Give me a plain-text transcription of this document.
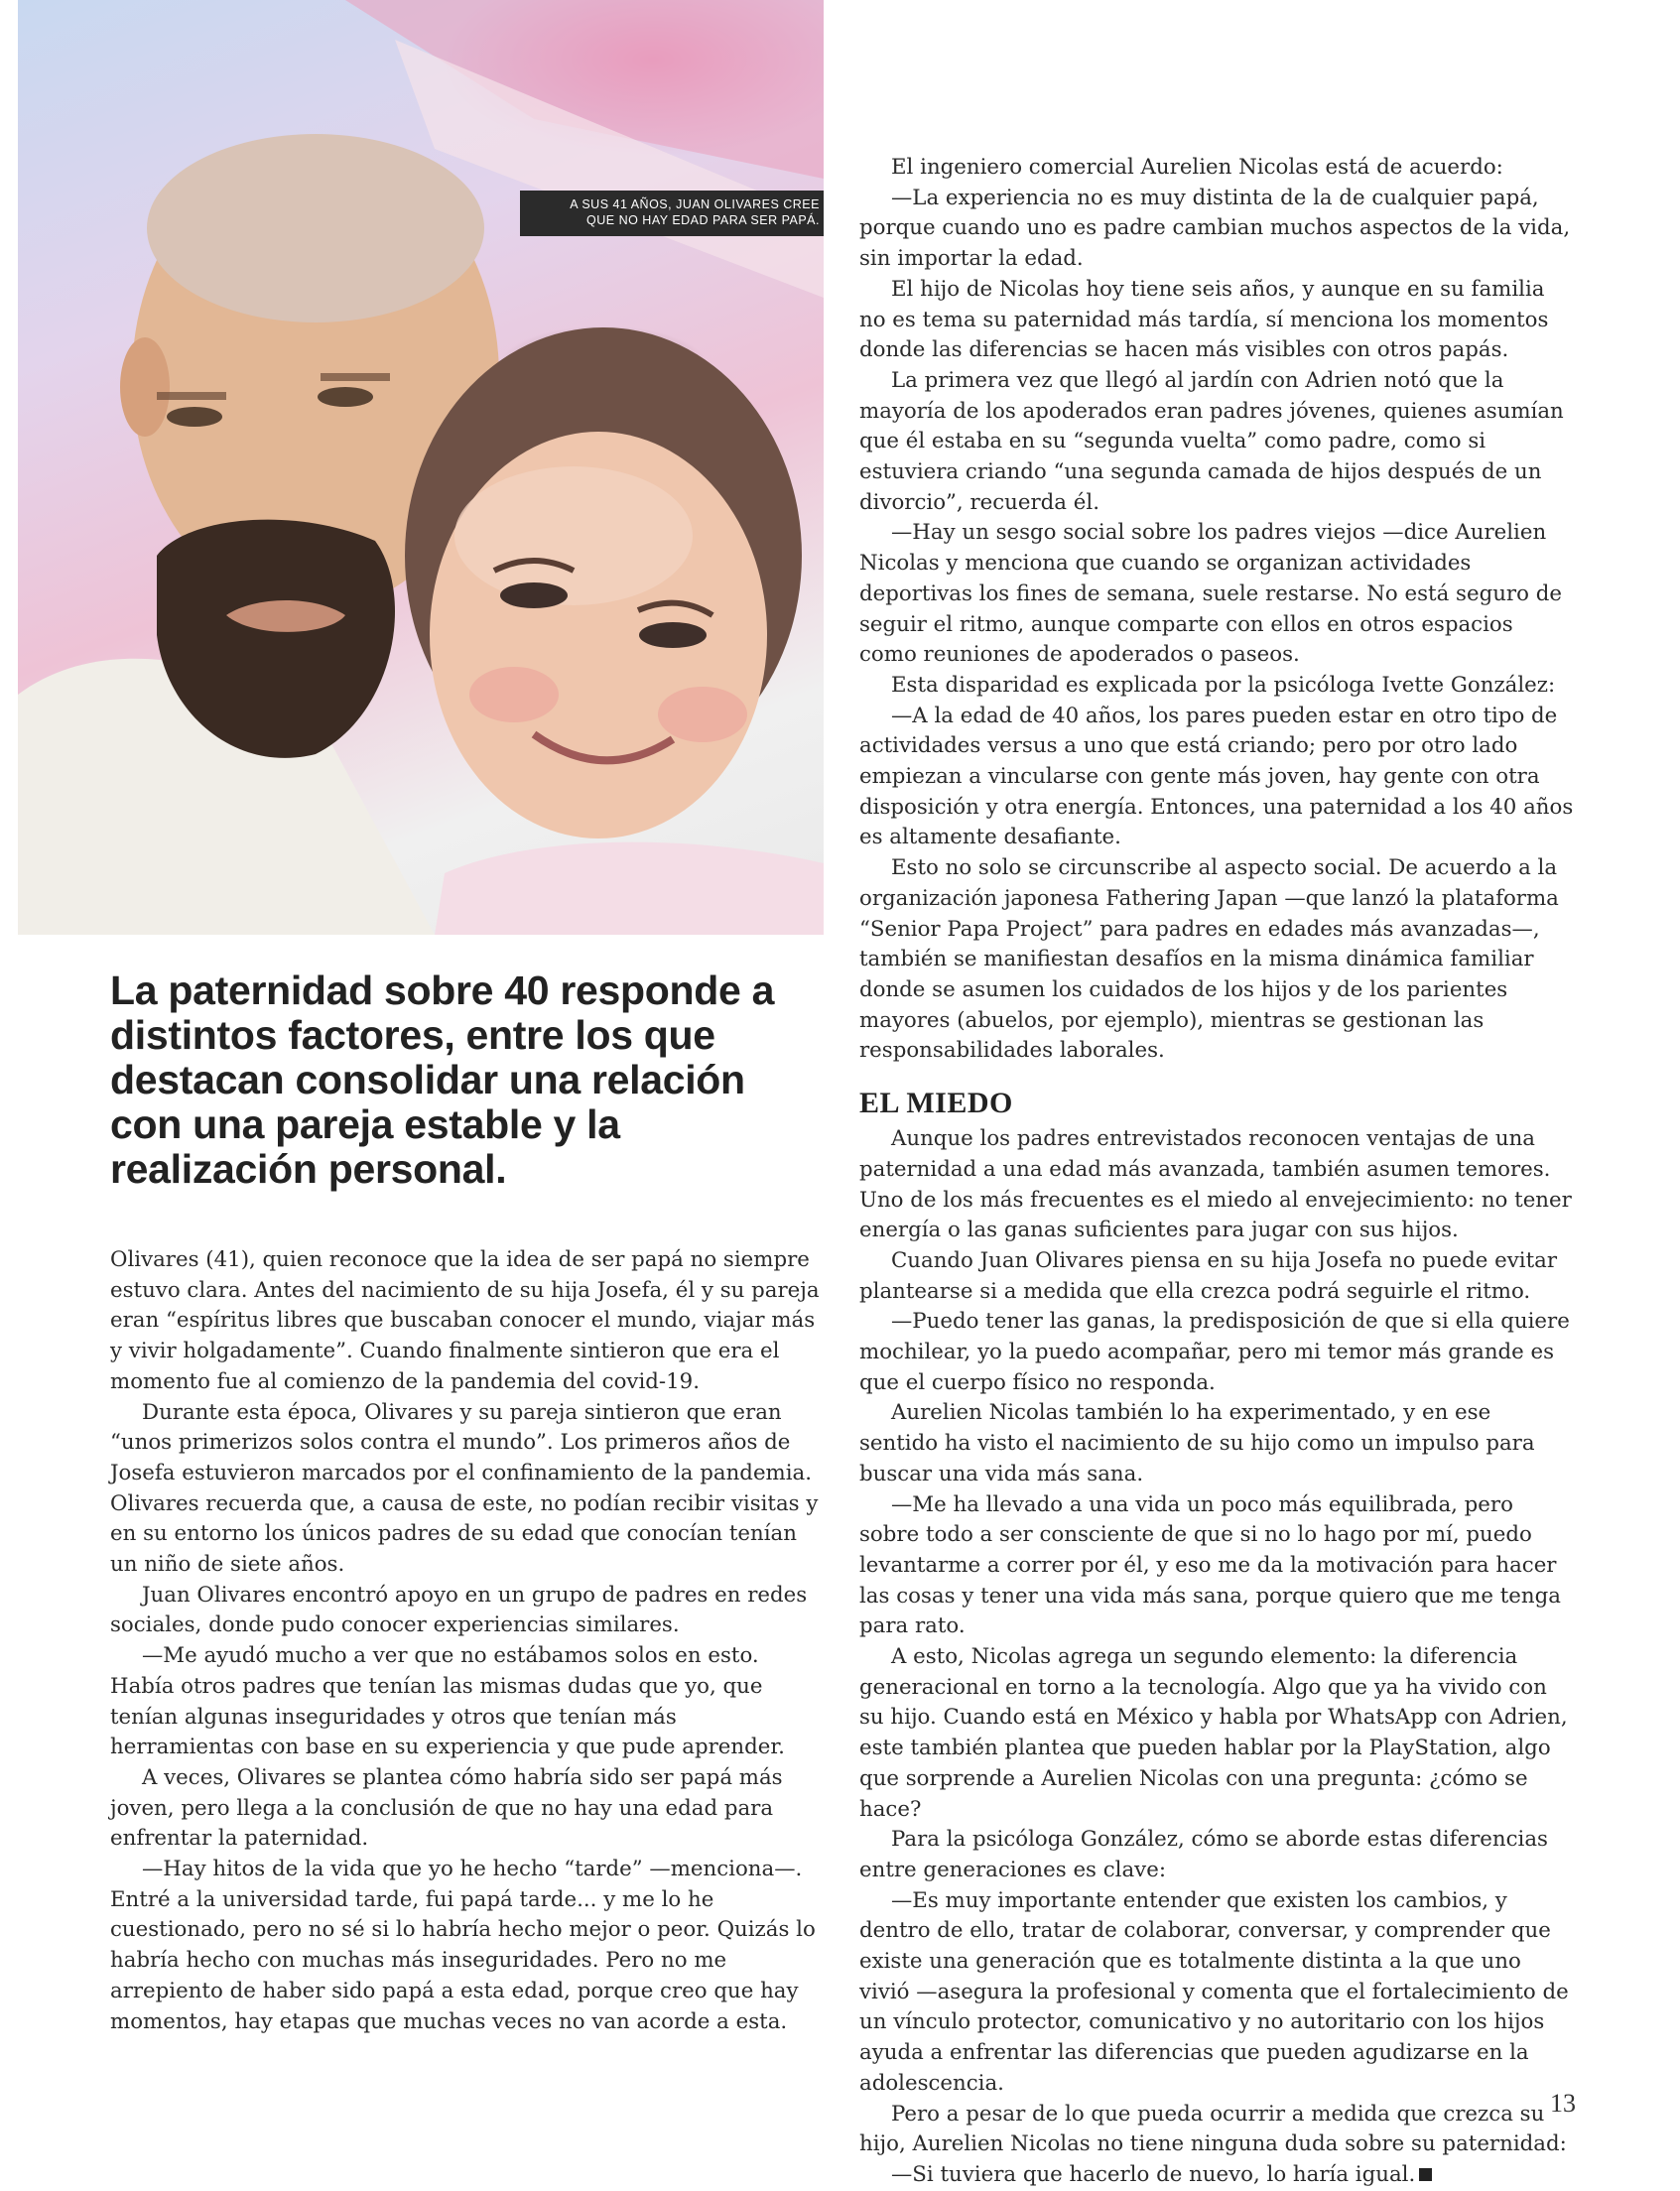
A SUS 41 AÑOS, JUAN OLIVARES CREE
QUE NO HAY EDAD PARA SER PAPÁ.
La paternidad sobre 40 responde a distintos factores, entre los que destacan consolidar una relación con una pareja estable y la realización personal.

Olivares (41), quien reconoce que la idea de ser papá no siempre estuvo clara. Antes del nacimiento de su hija Josefa, él y su pareja eran “espíritus libres que buscaban conocer el mundo, viajar más y vivir holgadamente”. Cuando finalmente sintieron que era el momento fue al comienzo de la pandemia del covid-19.

Durante esta época, Olivares y su pareja sintieron que eran “unos primerizos solos contra el mundo”. Los primeros años de Josefa estuvieron marcados por el confinamiento de la pandemia. Olivares recuerda que, a causa de este, no podían recibir visitas y en su entorno los únicos padres de su edad que conocían tenían un niño de siete años.

Juan Olivares encontró apoyo en un grupo de padres en redes sociales, donde pudo conocer experiencias similares.

—Me ayudó mucho a ver que no estábamos solos en esto. Había otros padres que tenían las mismas dudas que yo, que tenían algunas inseguridades y otros que tenían más herramientas con base en su experiencia y que pude aprender.

A veces, Olivares se plantea cómo habría sido ser papá más joven, pero llega a la conclusión de que no hay una edad para enfrentar la paternidad.

—Hay hitos de la vida que yo he hecho “tarde” —menciona—. Entré a la universidad tarde, fui papá tarde... y me lo he cuestionado, pero no sé si lo habría hecho mejor o peor. Quizás lo habría hecho con muchas más inseguridades. Pero no me arrepiento de haber sido papá a esta edad, porque creo que hay momentos, hay etapas que muchas veces no van acorde a esta.

El ingeniero comercial Aurelien Nicolas está de acuerdo:

—La experiencia no es muy distinta de la de cualquier papá, porque cuando uno es padre cambian muchos aspectos de la vida, sin importar la edad.

El hijo de Nicolas hoy tiene seis años, y aunque en su familia no es tema su paternidad más tardía, sí menciona los momentos donde las diferencias se hacen más visibles con otros papás.

La primera vez que llegó al jardín con Adrien notó que la mayoría de los apoderados eran padres jóvenes, quienes asumían que él estaba en su “segunda vuelta” como padre, como si estuviera criando “una segunda camada de hijos después de un divorcio”, recuerda él.

—Hay un sesgo social sobre los padres viejos —dice Aurelien Nicolas y menciona que cuando se organizan actividades deportivas los fines de semana, suele restarse. No está seguro de seguir el ritmo, aunque comparte con ellos en otros espacios como reuniones de apoderados o paseos.

Esta disparidad es explicada por la psicóloga Ivette González:

—A la edad de 40 años, los pares pueden estar en otro tipo de actividades versus a uno que está criando; pero por otro lado empiezan a vincularse con gente más joven, hay gente con otra disposición y otra energía. Entonces, una paternidad a los 40 años es altamente desafiante.

Esto no solo se circunscribe al aspecto social. De acuerdo a la organización japonesa Fathering Japan —que lanzó la plataforma “Senior Papa Project” para padres en edades más avanzadas—, también se manifiestan desafíos en la misma dinámica familiar donde se asumen los cuidados de los hijos y de los parientes mayores (abuelos, por ejemplo), mientras se gestionan las responsabilidades laborales.

EL MIEDO

Aunque los padres entrevistados reconocen ventajas de una paternidad a una edad más avanzada, también asumen temores. Uno de los más frecuentes es el miedo al envejecimiento: no tener energía o las ganas suficientes para jugar con sus hijos.

Cuando Juan Olivares piensa en su hija Josefa no puede evitar plantearse si a medida que ella crezca podrá seguirle el ritmo.

—Puedo tener las ganas, la predisposición de que si ella quiere mochilear, yo la puedo acompañar, pero mi temor más grande es que el cuerpo físico no responda.

Aurelien Nicolas también lo ha experimentado, y en ese sentido ha visto el nacimiento de su hijo como un impulso para buscar una vida más sana.

—Me ha llevado a una vida un poco más equilibrada, pero sobre todo a ser consciente de que si no lo hago por mí, puedo levantarme a correr por él, y eso me da la motivación para hacer las cosas y tener una vida más sana, porque quiero que me tenga para rato.

A esto, Nicolas agrega un segundo elemento: la diferencia generacional en torno a la tecnología. Algo que ya ha vivido con su hijo. Cuando está en México y habla por WhatsApp con Adrien, este también plantea que pueden hablar por la PlayStation, algo que sorprende a Aurelien Nicolas con una pregunta: ¿cómo se hace?

Para la psicóloga González, cómo se aborde estas diferencias entre generaciones es clave:

—Es muy importante entender que existen los cambios, y dentro de ello, tratar de colaborar, conversar, y comprender que existe una generación que es totalmente distinta a la que uno vivió —asegura la profesional y comenta que el fortalecimiento de un vínculo protector, comunicativo y no autoritario con los hijos ayuda a enfrentar las diferencias que pueden agudizarse en la adolescencia.

Pero a pesar de lo que pueda ocurrir a medida que crezca su hijo, Aurelien Nicolas no tiene ninguna duda sobre su paternidad:

—Si tuviera que hacerlo de nuevo, lo haría igual.

13
